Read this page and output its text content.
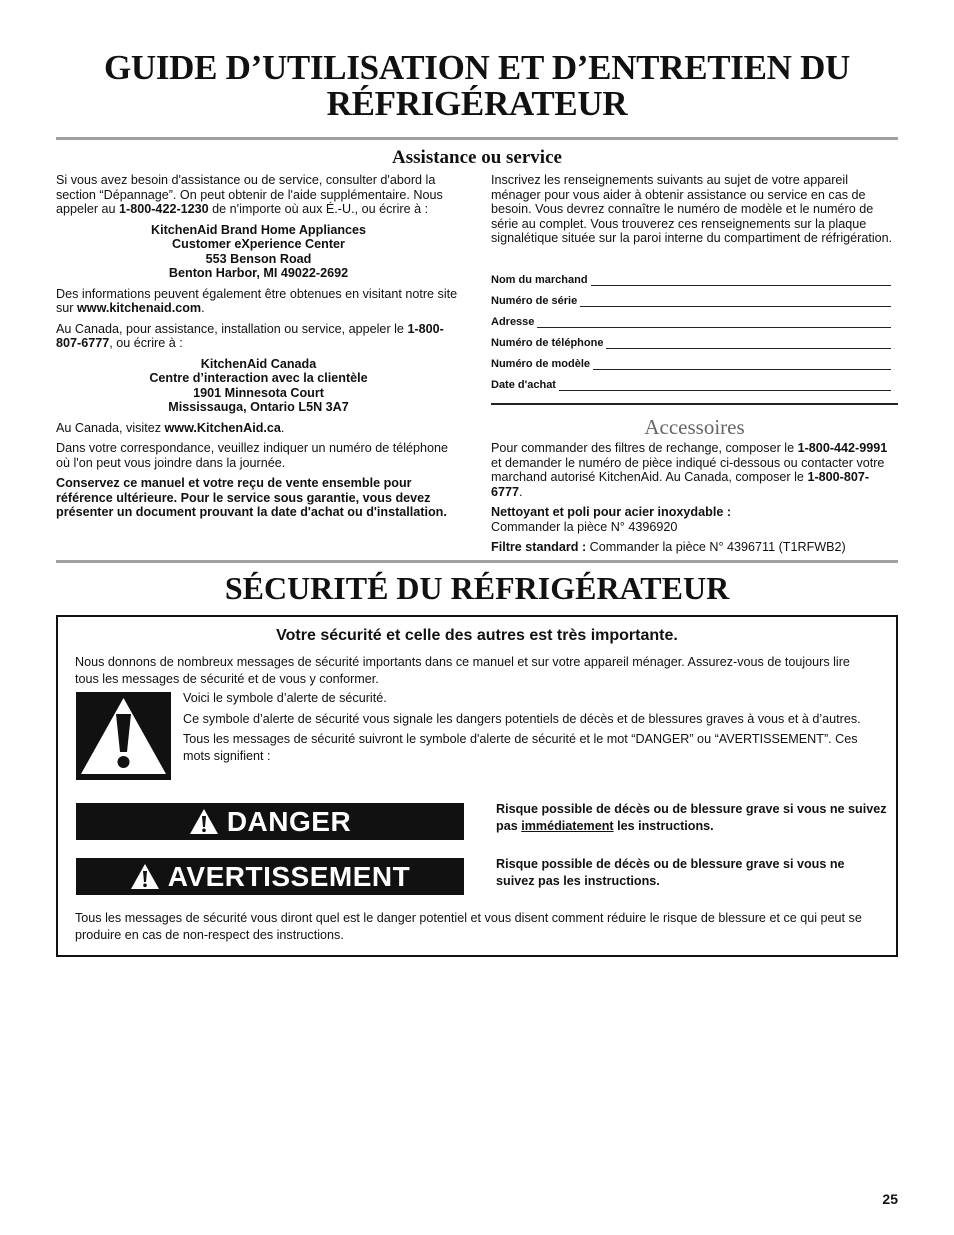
GUIDE D’UTILISATION ET D’ENTRETIEN DU
RÉFRIGÉRATEUR
Assistance ou service

Si vous avez besoin d'assistance ou de service, consulter d'abord la section “Dépannage”. On peut obtenir de l'aide supplémentaire. Nous appeler au 1-800-422-1230 de n'importe où aux É.-U., ou écrire à :

KitchenAid Brand Home Appliances
Customer eXperience Center
553 Benson Road
Benton Harbor, MI 49022-2692

Des informations peuvent également être obtenues en visitant notre site sur www.kitchenaid.com.

Au Canada, pour assistance, installation ou service, appeler le 1-800-807-6777, ou écrire à :

KitchenAid Canada
Centre d’interaction avec la clientèle
1901 Minnesota Court
Mississauga, Ontario L5N 3A7

Au Canada, visitez www.KitchenAid.ca.

Dans votre correspondance, veuillez indiquer un numéro de téléphone où l'on peut vous joindre dans la journée.

Conservez ce manuel et votre reçu de vente ensemble pour référence ultérieure. Pour le service sous garantie, vous devez présenter un document prouvant la date d'achat ou d'installation.

Inscrivez les renseignements suivants au sujet de votre appareil ménager pour vous aider à obtenir assistance ou service en cas de besoin. Vous devrez connaître le numéro de modèle et le numéro de série au complet. Vous trouverez ces renseignements sur la plaque signalétique située sur la paroi interne du compartiment de réfrigération.

Nom du marchand
Numéro de série
Adresse
Numéro de téléphone
Numéro de modèle
Date d'achat
Accessoires

Pour commander des filtres de rechange, composer le 1-800-442-9991 et demander le numéro de pièce indiqué ci-dessous ou contacter votre marchand autorisé KitchenAid. Au Canada, composer le 1-800-807-6777.

Nettoyant et poli pour acier inoxydable :
Commander la pièce N° 4396920

Filtre standard : Commander la pièce N° 4396711 (T1RFWB2)

SÉCURITÉ DU RÉFRIGÉRATEUR
Votre sécurité et celle des autres est très importante.
Nous donnons de nombreux messages de sécurité importants dans ce manuel et sur votre appareil ménager. Assurez-vous de toujours lire tous les messages de sécurité et de vous y conformer.
Voici le symbole d’alerte de sécurité.
Ce symbole d’alerte de sécurité vous signale les dangers potentiels de décès et de blessures graves à vous et à d’autres.
Tous les messages de sécurité suivront le symbole d'alerte de sécurité et le mot “DANGER” ou “AVERTISSEMENT”. Ces mots signifient :
DANGER	Risque possible de décès ou de blessure grave si vous ne suivez pas immédiatement les instructions.
AVERTISSEMENT	Risque possible de décès ou de blessure grave si vous ne suivez pas les instructions.
Tous les messages de sécurité vous diront quel est le danger potentiel et vous disent comment réduire le risque de blessure et ce qui peut se produire en cas de non-respect des instructions.
25
